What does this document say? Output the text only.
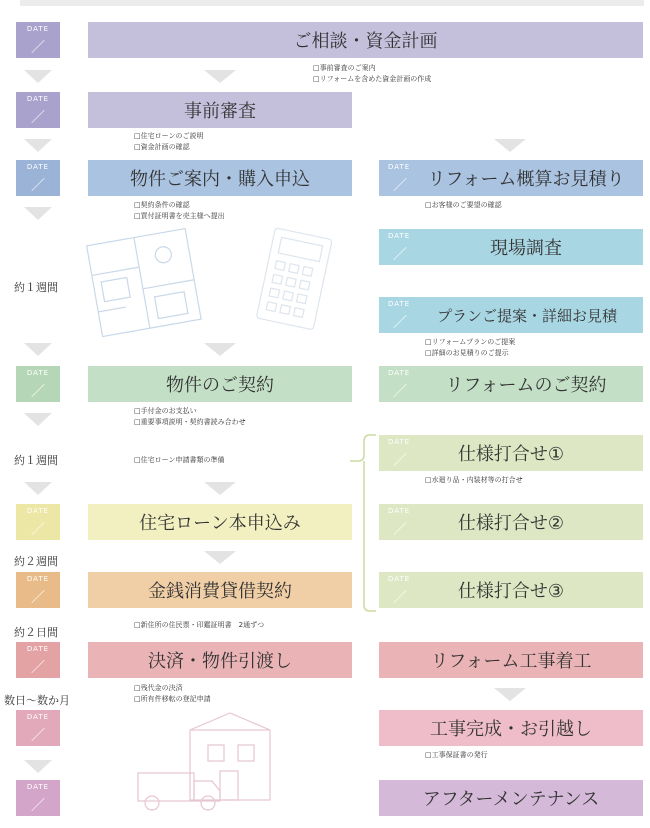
DATE
／
DATE
／
DATE
／
DATE
／
DATE
／
DATE
／
DATE
／
DATE
／
DATE
／
約１週間
約１週間
約２週間
約２日間
数日〜数か月
ご相談・資金計画
事前審査
物件ご案内・購入申込
物件のご契約
住宅ローン本申込み
金銭消費貸借契約
決済・物件引渡し
DATE
／ リフォーム概算お見積り
DATE
／	現場調査
DATE
／ プランご提案・詳細お見積
DATE
／ リフォームのご契約
DATE
／	仕様打合せ①
DATE
／	仕様打合せ②
DATE
／	仕様打合せ③
リフォーム工事着工
工事完成・お引越し
アフターメンテナンス
□事前審査のご案内
□リフォームを含めた資金計画の作成
□住宅ローンのご説明
□資金計画の確認
□契約条件の確認
□買付証明書を売主様へ提出
□お客様のご要望の確認
□リフォームプランのご提案
□詳細のお見積りのご提示
□手付金のお支払い
□重要事項説明・契約書読み合わせ
□住宅ローン申請書類の準備
□水廻り品・内装材等の打合せ
□新住所の住民票・印鑑証明書　2通ずつ
□残代金の決済
□所有件移転の登記申請
□工事保証書の発行
